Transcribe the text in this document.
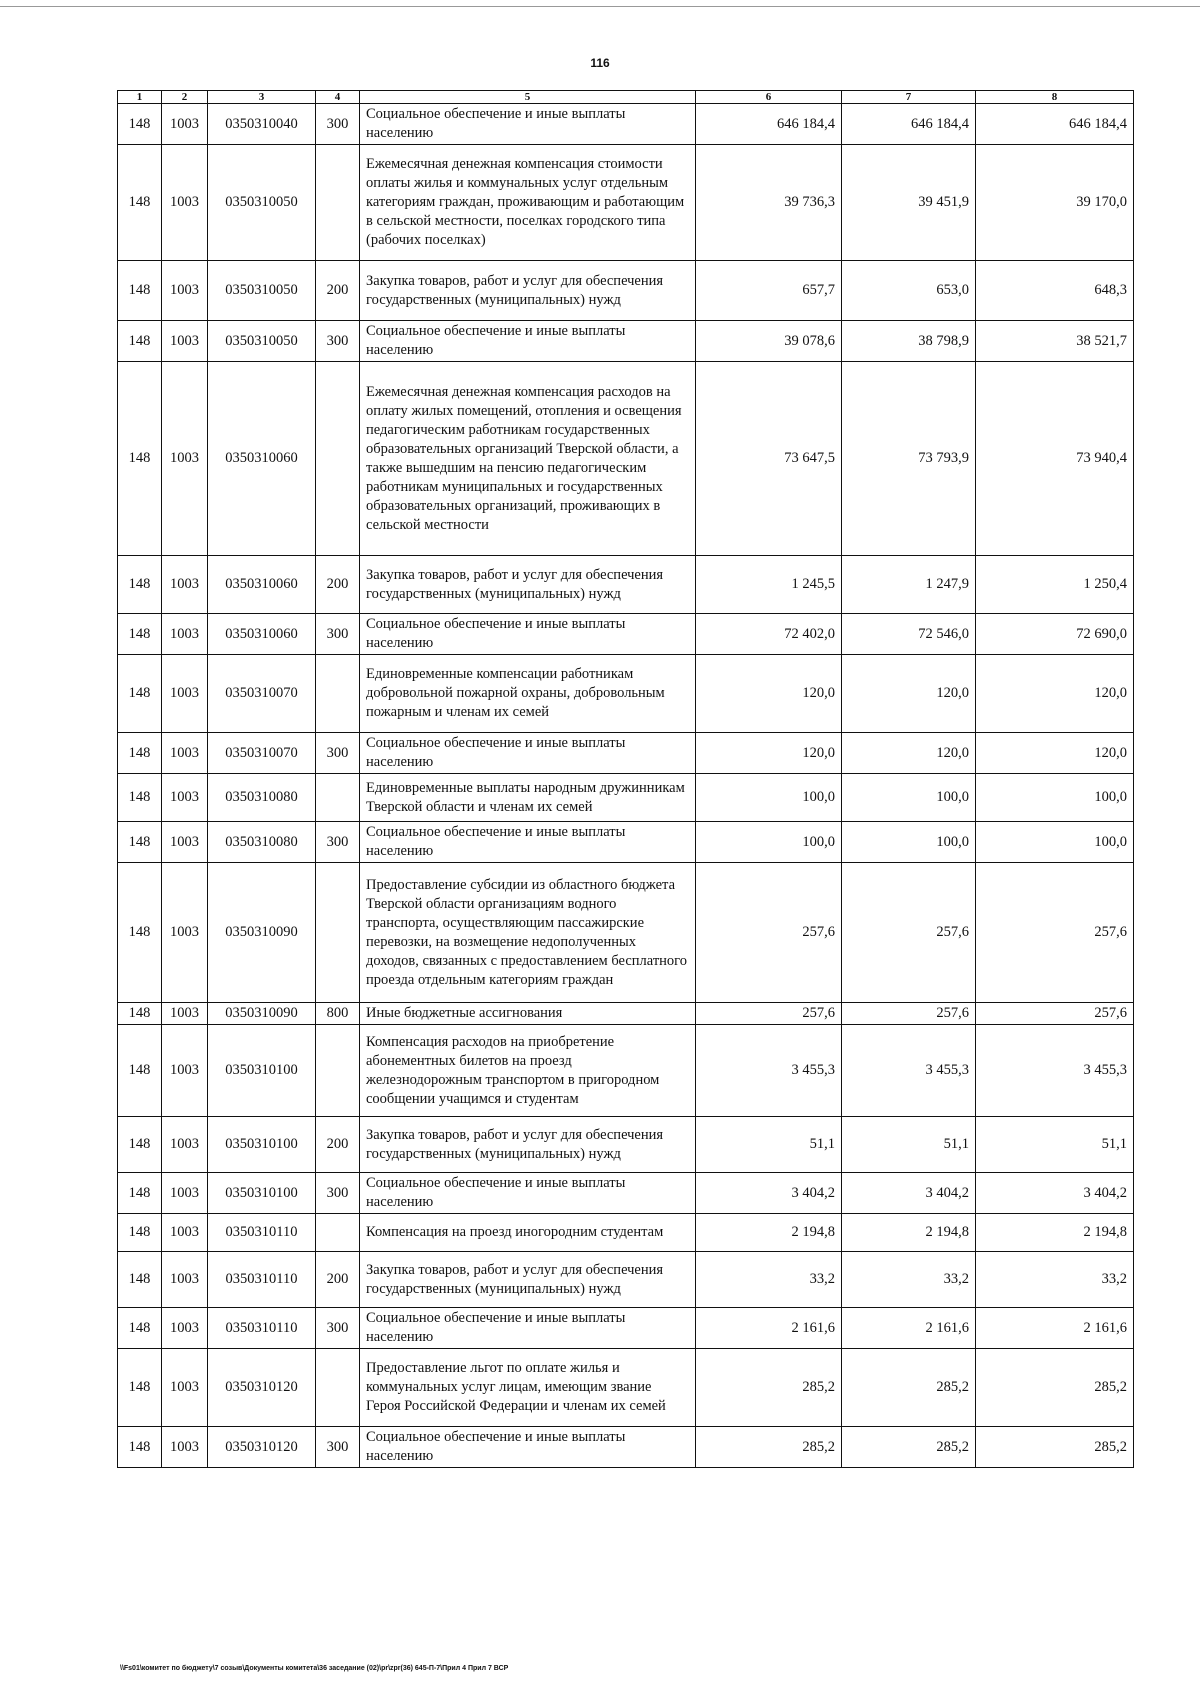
116
1	2	3	4	5	6	7	8
148	1003	0350310040	300	Социальное обеспечение и иные выплаты населению	646 184,4	646 184,4	646 184,4
148	1003	0350310050		Ежемесячная денежная компенсация стоимости оплаты жилья и коммунальных услуг отдельным категориям граждан, проживающим и работающим в сельской местности, поселках городского типа (рабочих поселках)	39 736,3	39 451,9	39 170,0
148	1003	0350310050	200	Закупка товаров, работ и услуг для обеспечения государственных (муниципальных) нужд	657,7	653,0	648,3
148	1003	0350310050	300	Социальное обеспечение и иные выплаты населению	39 078,6	38 798,9	38 521,7
148	1003	0350310060		Ежемесячная денежная компенсация расходов на оплату жилых помещений, отопления и освещения педагогическим работникам государственных образовательных организаций Тверской области, а также вышедшим на пенсию педагогическим работникам муниципальных и государственных образовательных организаций, проживающих в сельской местности	73 647,5	73 793,9	73 940,4
148	1003	0350310060	200	Закупка товаров, работ и услуг для обеспечения государственных (муниципальных) нужд	1 245,5	1 247,9	1 250,4
148	1003	0350310060	300	Социальное обеспечение и иные выплаты населению	72 402,0	72 546,0	72 690,0
148	1003	0350310070		Единовременные компенсации работникам добровольной пожарной охраны, добровольным пожарным и членам их семей	120,0	120,0	120,0
148	1003	0350310070	300	Социальное обеспечение и иные выплаты населению	120,0	120,0	120,0
148	1003	0350310080		Единовременные выплаты народным дружинникам Тверской области и членам их семей	100,0	100,0	100,0
148	1003	0350310080	300	Социальное обеспечение и иные выплаты населению	100,0	100,0	100,0
148	1003	0350310090		Предоставление субсидии из областного бюджета Тверской области организациям водного транспорта, осуществляющим пассажирские перевозки, на возмещение недополученных доходов, связанных с предоставлением бесплатного проезда отдельным категориям граждан	257,6	257,6	257,6
148	1003	0350310090	800	Иные бюджетные ассигнования	257,6	257,6	257,6
148	1003	0350310100		Компенсация расходов на приобретение абонементных билетов на проезд железнодорожным транспортом в пригородном сообщении учащимся и студентам	3 455,3	3 455,3	3 455,3
148	1003	0350310100	200	Закупка товаров, работ и услуг для обеспечения государственных (муниципальных) нужд	51,1	51,1	51,1
148	1003	0350310100	300	Социальное обеспечение и иные выплаты населению	3 404,2	3 404,2	3 404,2
148	1003	0350310110		Компенсация на проезд иногородним студентам	2 194,8	2 194,8	2 194,8
148	1003	0350310110	200	Закупка товаров, работ и услуг для обеспечения государственных (муниципальных) нужд	33,2	33,2	33,2
148	1003	0350310110	300	Социальное обеспечение и иные выплаты населению	2 161,6	2 161,6	2 161,6
148	1003	0350310120		Предоставление льгот по оплате жилья и коммунальных услуг лицам, имеющим звание Героя Российской Федерации и членам их семей	285,2	285,2	285,2
148	1003	0350310120	300	Социальное обеспечение и иные выплаты населению	285,2	285,2	285,2
\\Fs01\комитет по бюджету\7 созыв\Документы комитета\36 заседание (02)\pr\zpr(36) 645-П-7\Прил 4 Прил 7 ВСР
